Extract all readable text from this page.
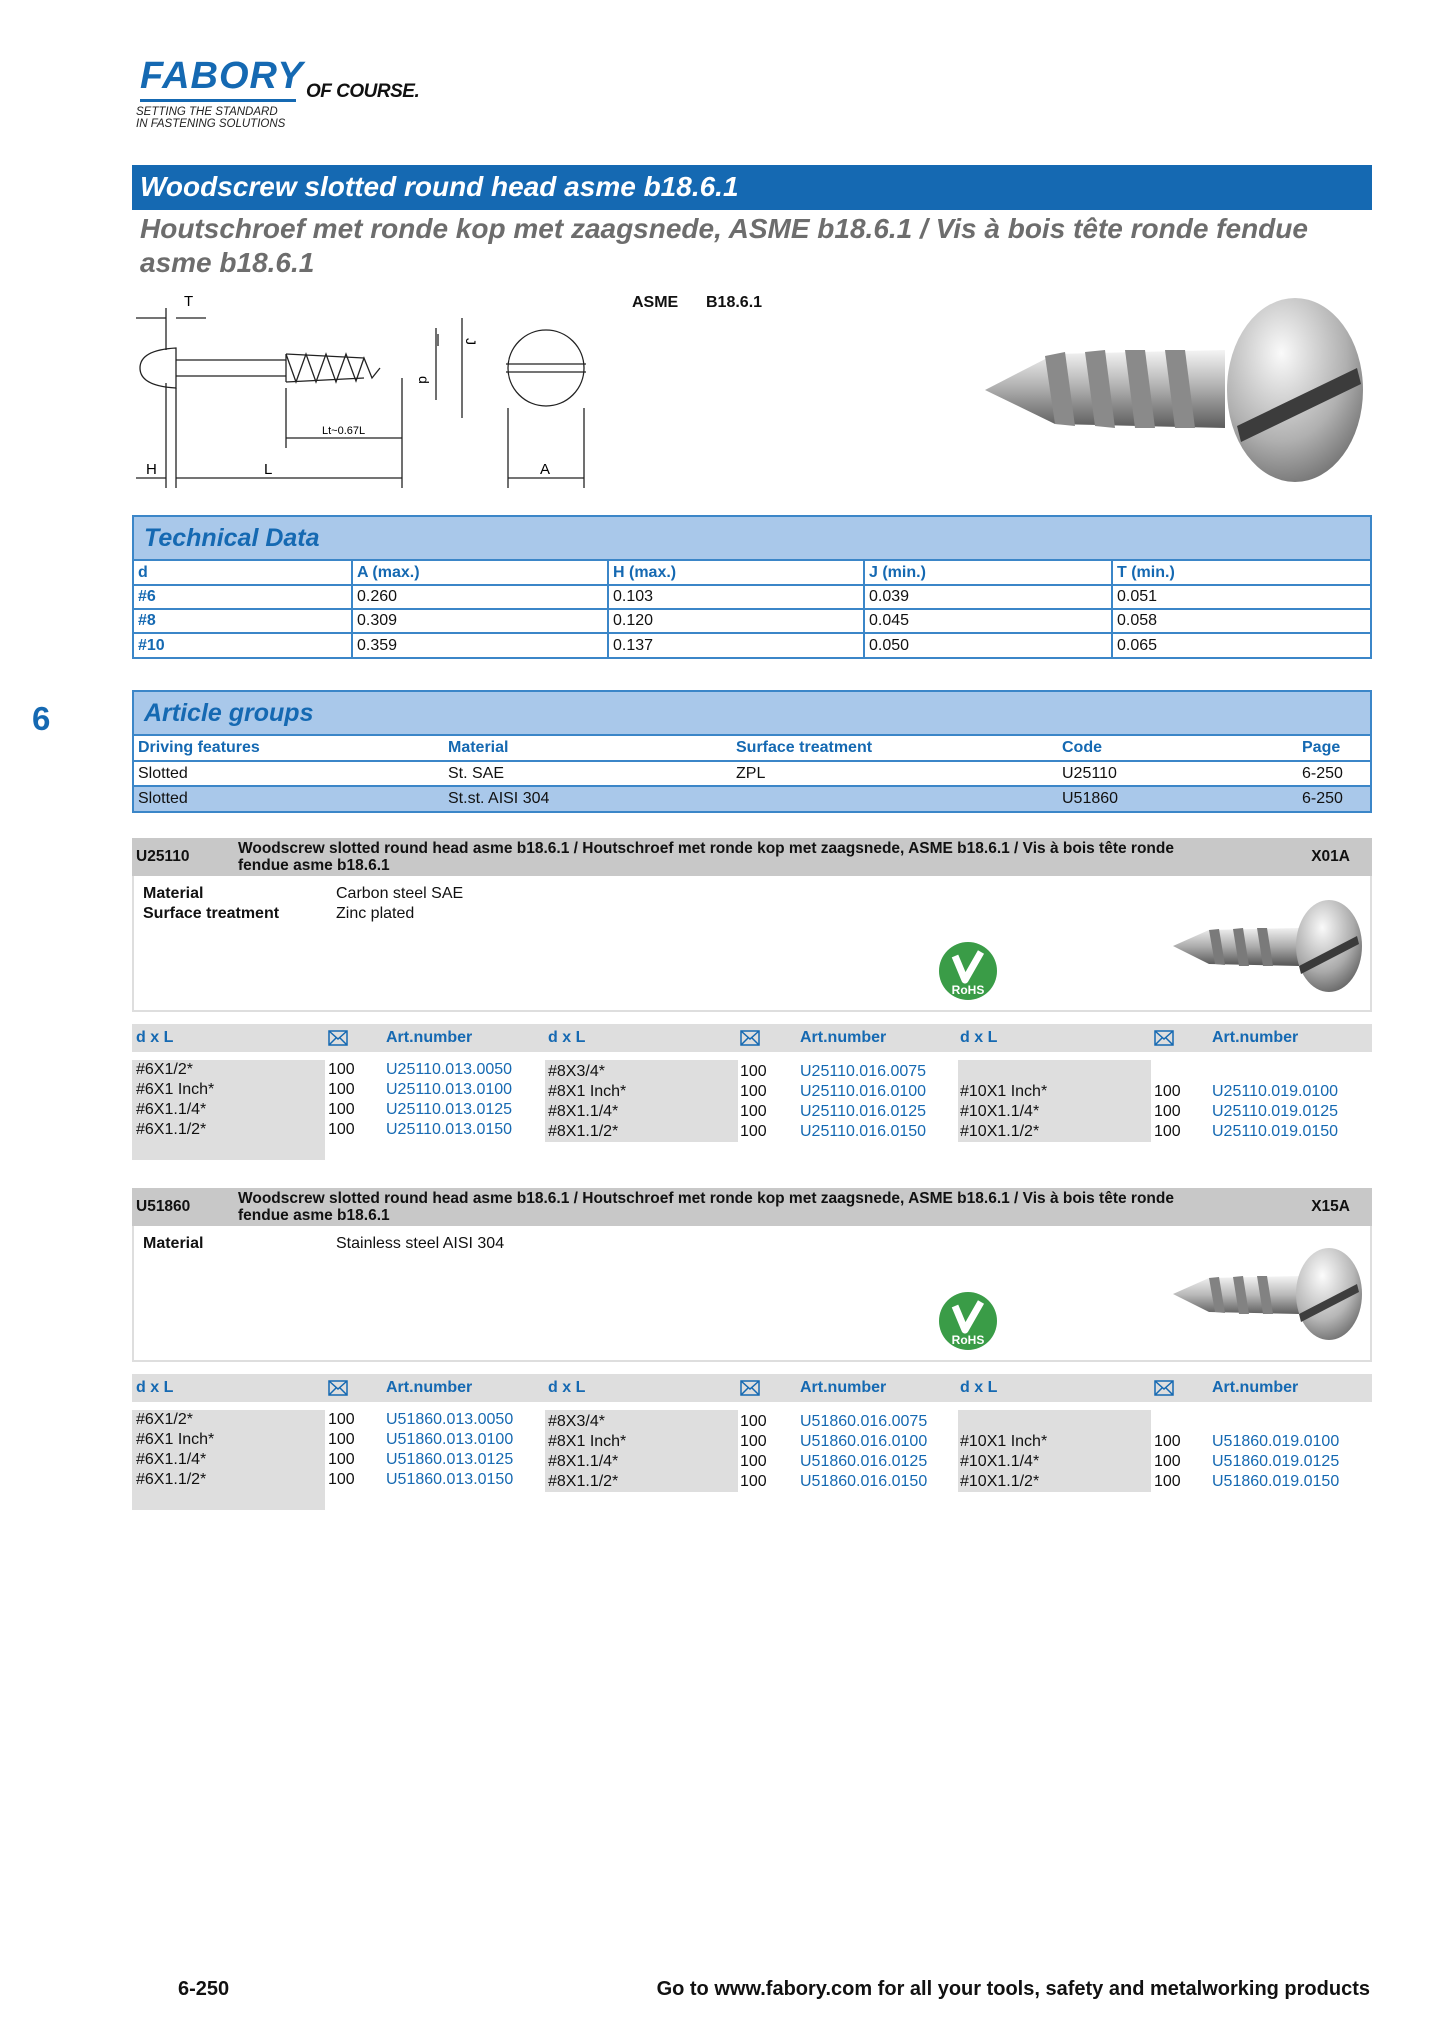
FABORY OF COURSE.
SETTING THE STANDARD
IN FASTENING SOLUTIONS
Woodscrew slotted round head asme b18.6.1
Houtschroef met ronde kop met zaagsnede, ASME b18.6.1 / Vis à bois tête ronde fendue asme b18.6.1
T
J
d
Lt~0.67L
H	L	A
ASME B18.6.1
6
Technical Data
d	A (max.)	H (max.)	J (min.)	T (min.)
#6	0.260	0.103	0.039	0.051
#8	0.309	0.120	0.045	0.058
#10	0.359	0.137	0.050	0.065
Article groups
Driving features	Material	Surface treatment	Code	Page
Slotted	St. SAE	ZPL	U25110	6-250
Slotted	St.st. AISI 304		U51860	6-250
U25110	Woodscrew slotted round head asme b18.6.1 / Houtschroef met ronde kop met zaagsnede, ASME b18.6.1 / Vis à bois tête ronde
fendue asme b18.6.1
X01A
Material	Carbon steel SAE
Surface treatment	Zinc plated
RoHS
d x L	Art.number	d x L	Art.number	d x L	Art.number
#6X1/2*	100 U25110.013.0050
#6X1 Inch*	100 U25110.013.0100
#6X1.1/4*	100 U25110.013.0125
#6X1.1/2*	100 U25110.013.0150
#8X3/4*	100 U25110.016.0075
#8X1 Inch*	100 U25110.016.0100
#8X1.1/4*	100 U25110.016.0125
#8X1.1/2*	100 U25110.016.0150
#10X1 Inch*	100 U25110.019.0100
#10X1.1/4*	100 U25110.019.0125
#10X1.1/2*	100 U25110.019.0150
U51860	Woodscrew slotted round head asme b18.6.1 / Houtschroef met ronde kop met zaagsnede, ASME b18.6.1 / Vis à bois tête ronde
fendue asme b18.6.1
X15A
Material	Stainless steel AISI 304
RoHS
d x L	Art.number	d x L	Art.number	d x L	Art.number
#6X1/2*	100 U51860.013.0050
#6X1 Inch*	100 U51860.013.0100
#6X1.1/4*	100 U51860.013.0125
#6X1.1/2*	100 U51860.013.0150
#8X3/4*	100 U51860.016.0075
#8X1 Inch*	100 U51860.016.0100
#8X1.1/4*	100 U51860.016.0125
#8X1.1/2*	100 U51860.016.0150
#10X1 Inch*	100 U51860.019.0100
#10X1.1/4*	100 U51860.019.0125
#10X1.1/2*	100 U51860.019.0150
6-250	Go to www.fabory.com for all your tools, safety and metalworking products
